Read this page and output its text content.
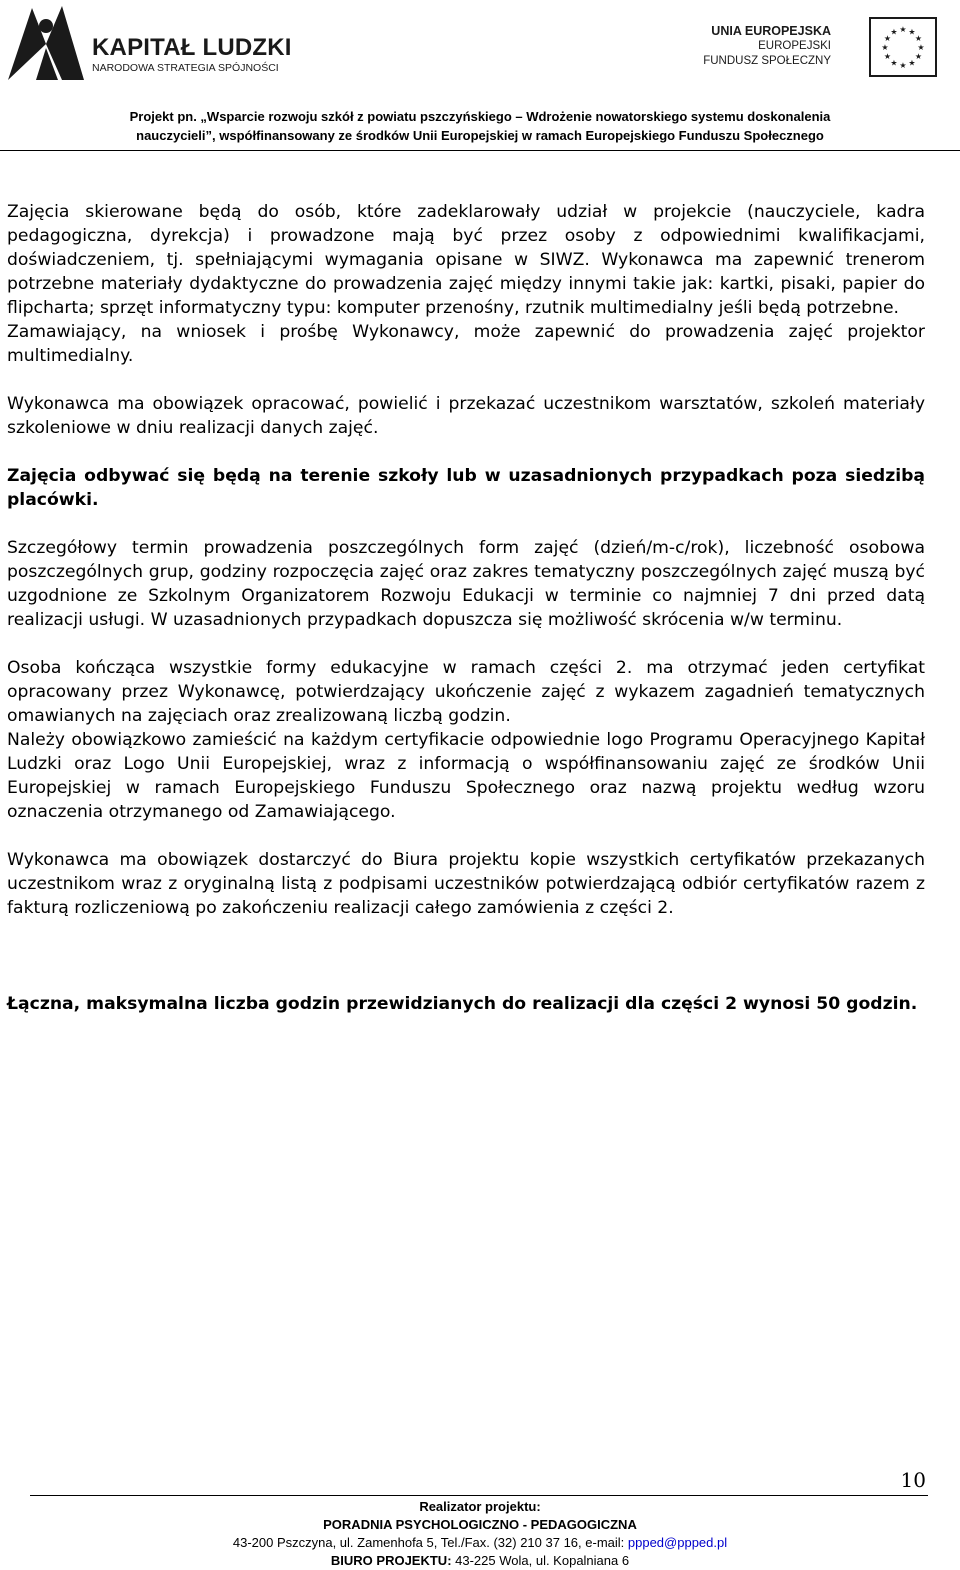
KAPITAŁ LUDZKI
NARODOWA STRATEGIA SPÓJNOŚCI
UNIA EUROPEJSKA
EUROPEJSKI
FUNDUSZ SPOŁECZNY
★ ★
★
★
★
★
★
★
★
★
★
★
Projekt pn. „Wsparcie rozwoju szkół z powiatu pszczyńskiego – Wdrożenie nowatorskiego systemu doskonalenia
nauczycieli”, współfinansowany ze środków Unii Europejskiej w ramach Europejskiego Funduszu Społecznego

Zajęcia skierowane będą do osób, które zadeklarowały udział w projekcie (nauczyciele, kadra pedagogiczna, dyrekcja) i prowadzone mają być przez osoby z odpowiednimi kwalifikacjami, doświadczeniem, tj. spełniającymi wymagania opisane w SIWZ. Wykonawca ma zapewnić trenerom potrzebne materiały dydaktyczne do prowadzenia zajęć między innymi takie jak: kartki, pisaki, papier do flipcharta; sprzęt informatyczny typu: komputer przenośny, rzutnik multimedialny jeśli będą potrzebne.

Zamawiający, na wniosek i prośbę Wykonawcy, może zapewnić do prowadzenia zajęć projektor multimedialny.

Wykonawca ma obowiązek opracować, powielić i przekazać uczestnikom warsztatów, szkoleń materiały szkoleniowe w dniu realizacji danych zajęć.

Zajęcia odbywać się będą na terenie szkoły lub w uzasadnionych przypadkach poza siedzibą placówki.

Szczegółowy termin prowadzenia poszczególnych form zajęć (dzień/m-c/rok), liczebność osobowa poszczególnych grup, godziny rozpoczęcia zajęć oraz zakres tematyczny poszczególnych zajęć muszą być uzgodnione ze Szkolnym Organizatorem Rozwoju Edukacji w terminie co najmniej 7 dni przed datą realizacji usługi. W uzasadnionych przypadkach dopuszcza się możliwość skrócenia w/w terminu.

Osoba kończąca wszystkie formy edukacyjne w ramach części 2. ma otrzymać jeden certyfikat opracowany przez Wykonawcę, potwierdzający ukończenie zajęć z wykazem zagadnień tematycznych omawianych na zajęciach oraz zrealizowaną liczbą godzin.

Należy obowiązkowo zamieścić na każdym certyfikacie odpowiednie logo Programu Operacyjnego Kapitał Ludzki oraz Logo Unii Europejskiej, wraz z informacją o współfinansowaniu zajęć ze środków Unii Europejskiej w ramach Europejskiego Funduszu Społecznego oraz nazwą projektu według wzoru oznaczenia otrzymanego od Zamawiającego.

Wykonawca ma obowiązek dostarczyć do Biura projektu kopie wszystkich certyfikatów przekazanych uczestnikom wraz z oryginalną listą z podpisami uczestników potwierdzającą odbiór certyfikatów razem z fakturą rozliczeniową po zakończeniu realizacji całego zamówienia z części 2.

Łączna, maksymalna liczba godzin przewidzianych do realizacji dla części 2 wynosi 50 godzin.

10
Realizator projektu:
PORADNIA PSYCHOLOGICZNO - PEDAGOGICZNA
43-200 Pszczyna, ul. Zamenhofa 5, Tel./Fax. (32) 210 37 16, e-mail: ppped@ppped.pl
BIURO PROJEKTU: 43-225 Wola, ul. Kopalniana 6
